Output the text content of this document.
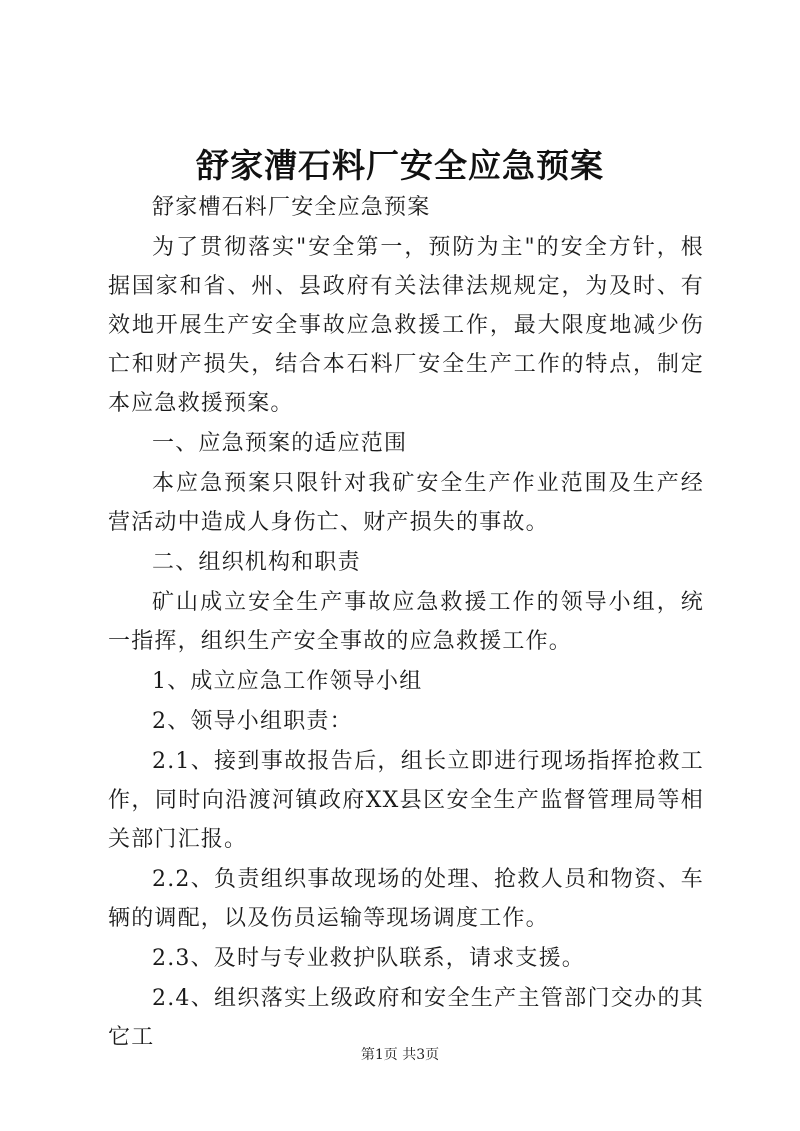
舒家漕石料厂安全应急预案

舒家槽石料厂安全应急预案

为了贯彻落实"安全第一，预防为主"的安全方针，根据国家和省、州、县政府有关法律法规规定，为及时、有效地开展生产安全事故应急救援工作，最大限度地减少伤亡和财产损失，结合本石料厂安全生产工作的特点，制定本应急救援预案。

一、应急预案的适应范围

本应急预案只限针对我矿安全生产作业范围及生产经营活动中造成人身伤亡、财产损失的事故。

二、组织机构和职责

矿山成立安全生产事故应急救援工作的领导小组，统一指挥，组织生产安全事故的应急救援工作。

1、成立应急工作领导小组

2、领导小组职责：

2.1、接到事故报告后，组长立即进行现场指挥抢救工作，同时向沿渡河镇政府XX县区安全生产监督管理局等相关部门汇报。

2.2、负责组织事故现场的处理、抢救人员和物资、车辆的调配，以及伤员运输等现场调度工作。

2.3、及时与专业救护队联系，请求支援。

2.4、组织落实上级政府和安全生产主管部门交办的其它工

第1页 共3页
